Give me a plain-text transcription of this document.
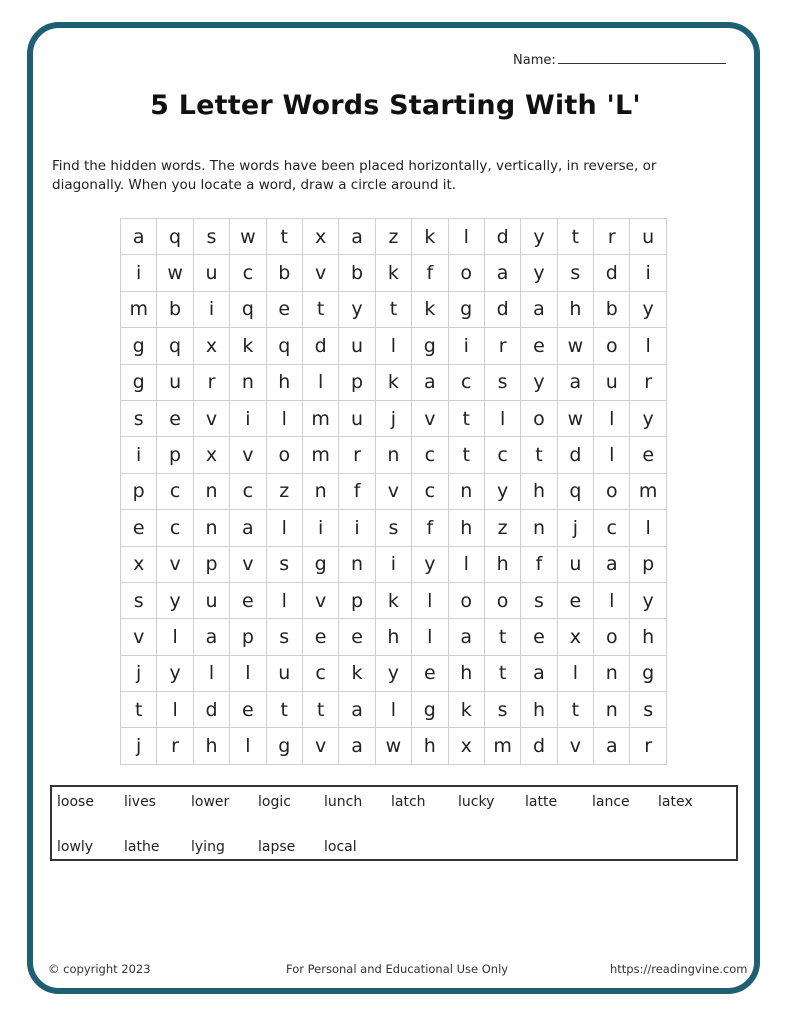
Name:
5 Letter Words Starting With 'L'
Find the hidden words. The words have been placed horizontally, vertically, in reverse, or diagonally. When you locate a word, draw a circle around it.
a	q	s	w	t	x	a	z	k	l	d	y	t	r	u
i	w	u	c	b	v	b	k	f	o	a	y	s	d	i
m	b	i	q	e	t	y	t	k	g	d	a	h	b	y
g	q	x	k	q	d	u	l	g	i	r	e	w	o	l
g	u	r	n	h	l	p	k	a	c	s	y	a	u	r
s	e	v	i	l	m	u	j	v	t	l	o	w	l	y
i	p	x	v	o	m	r	n	c	t	c	t	d	l	e
p	c	n	c	z	n	f	v	c	n	y	h	q	o	m
e	c	n	a	l	i	i	s	f	h	z	n	j	c	l
x	v	p	v	s	g	n	i	y	l	h	f	u	a	p
s	y	u	e	l	v	p	k	l	o	o	s	e	l	y
v	l	a	p	s	e	e	h	l	a	t	e	x	o	h
j	y	l	l	u	c	k	y	e	h	t	a	l	n	g
t	l	d	e	t	t	a	l	g	k	s	h	t	n	s
j	r	h	l	g	v	a	w	h	x	m	d	v	a	r
loose lives	lower logic lunch latch lucky latte lance latex
lowly lathe lying lapse local
© copyright 2023	For Personal and Educational Use Only	https://readingvine.com
